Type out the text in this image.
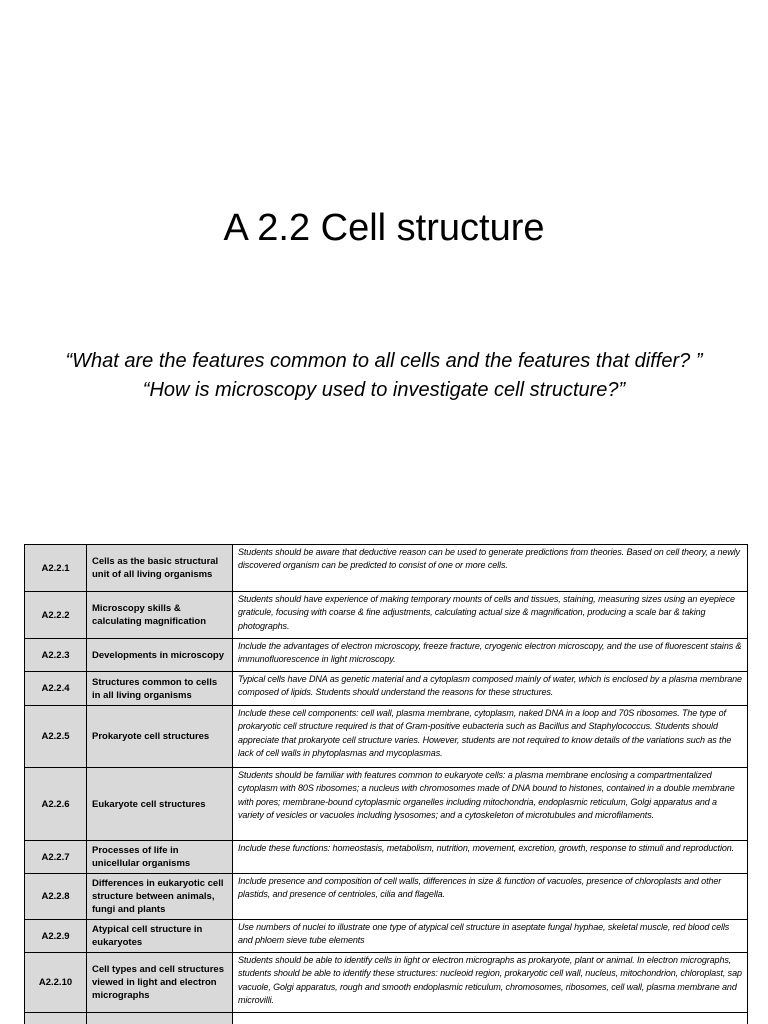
A 2.2 Cell structure
“What are the features common to all cells and the features that differ? ”
“How is microscopy used to investigate cell structure?”
A2.2.1	Cells as the basic structural unit of all living organisms	Students should be aware that deductive reason can be used to generate predictions from theories. Based on cell theory, a newly discovered organism can be predicted to consist of one or more cells.

A2.2.2	Microscopy skills & calculating magnification	Students should have experience of making temporary mounts of cells and tissues, staining, measuring sizes using an eyepiece graticule, focusing with coarse & fine adjustments, calculating actual size & magnification, producing a scale bar & taking photographs.

A2.2.3	Developments in microscopy	Include the advantages of electron microscopy, freeze fracture, cryogenic electron microscopy, and the use of fluorescent stains & immunofluorescence in light microscopy.

A2.2.4	Structures common to cells in all living organisms	Typical cells have DNA as genetic material and a cytoplasm composed mainly of water, which is enclosed by a plasma membrane composed of lipids. Students should understand the reasons for these structures.

A2.2.5	Prokaryote cell structures	Include these cell components: cell wall, plasma membrane, cytoplasm, naked DNA in a loop and 70S ribosomes. The type of prokaryotic cell structure required is that of Gram-positive eubacteria such as Bacillus and Staphylococcus. Students should appreciate that prokaryote cell structure varies. However, students are not required to know details of the variations such as the lack of cell walls in phytoplasmas and mycoplasmas.

A2.2.6	Eukaryote cell structures	Students should be familiar with features common to eukaryote cells: a plasma membrane enclosing a compartmentalized cytoplasm with 80S ribosomes; a nucleus with chromosomes made of DNA bound to histones, contained in a double membrane with pores; membrane-bound cytoplasmic organelles including mitochondria, endoplasmic reticulum, Golgi apparatus and a variety of vesicles or vacuoles including lysosomes; and a cytoskeleton of microtubules and microfilaments.

A2.2.7	Processes of life in unicellular organisms	Include these functions: homeostasis, metabolism, nutrition, movement, excretion, growth, response to stimuli and reproduction.

A2.2.8	Differences in eukaryotic cell structure between animals, fungi and plants	Include presence and composition of cell walls, differences in size & function of vacuoles, presence of chloroplasts and other plastids, and presence of centrioles, cilia and flagella.

A2.2.9	Atypical cell structure in eukaryotes	Use numbers of nuclei to illustrate one type of atypical cell structure in aseptate fungal hyphae, skeletal muscle, red blood cells and phloem sieve tube elements

A2.2.10	Cell types and cell structures viewed in light and electron micrographs	Students should be able to identify cells in light or electron micrographs as prokaryote, plant or animal. In electron micrographs, students should be able to identify these structures: nucleoid region, prokaryotic cell wall, nucleus, mitochondrion, chloroplast, sap vacuole, Golgi apparatus, rough and smooth endoplasmic reticulum, chromosomes, ribosomes, cell wall, plasma membrane and microvilli.
